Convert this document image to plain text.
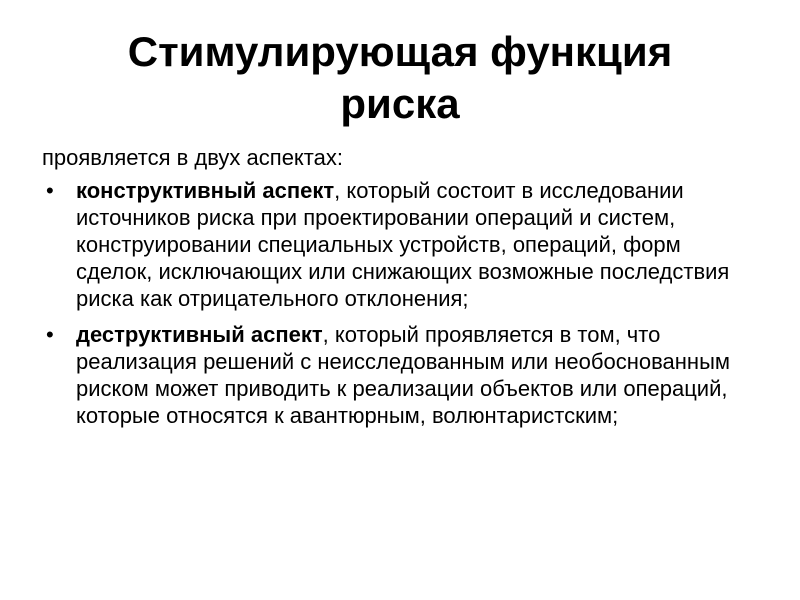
Стимулирующая функция
риска

проявляется в двух аспектах:

• конструктивный аспект, который состоит в исследовании источников риска при проектировании операций и систем, конструировании специальных устройств, операций, форм сделок, исключающих или снижающих возможные последствия риска как отрицательного отклонения;

• деструктивный аспект, который проявляется в том, что реализация решений с неисследованным или необоснованным риском может приводить к реализации объектов или операций, которые относятся к авантюрным, волюнтаристским;
